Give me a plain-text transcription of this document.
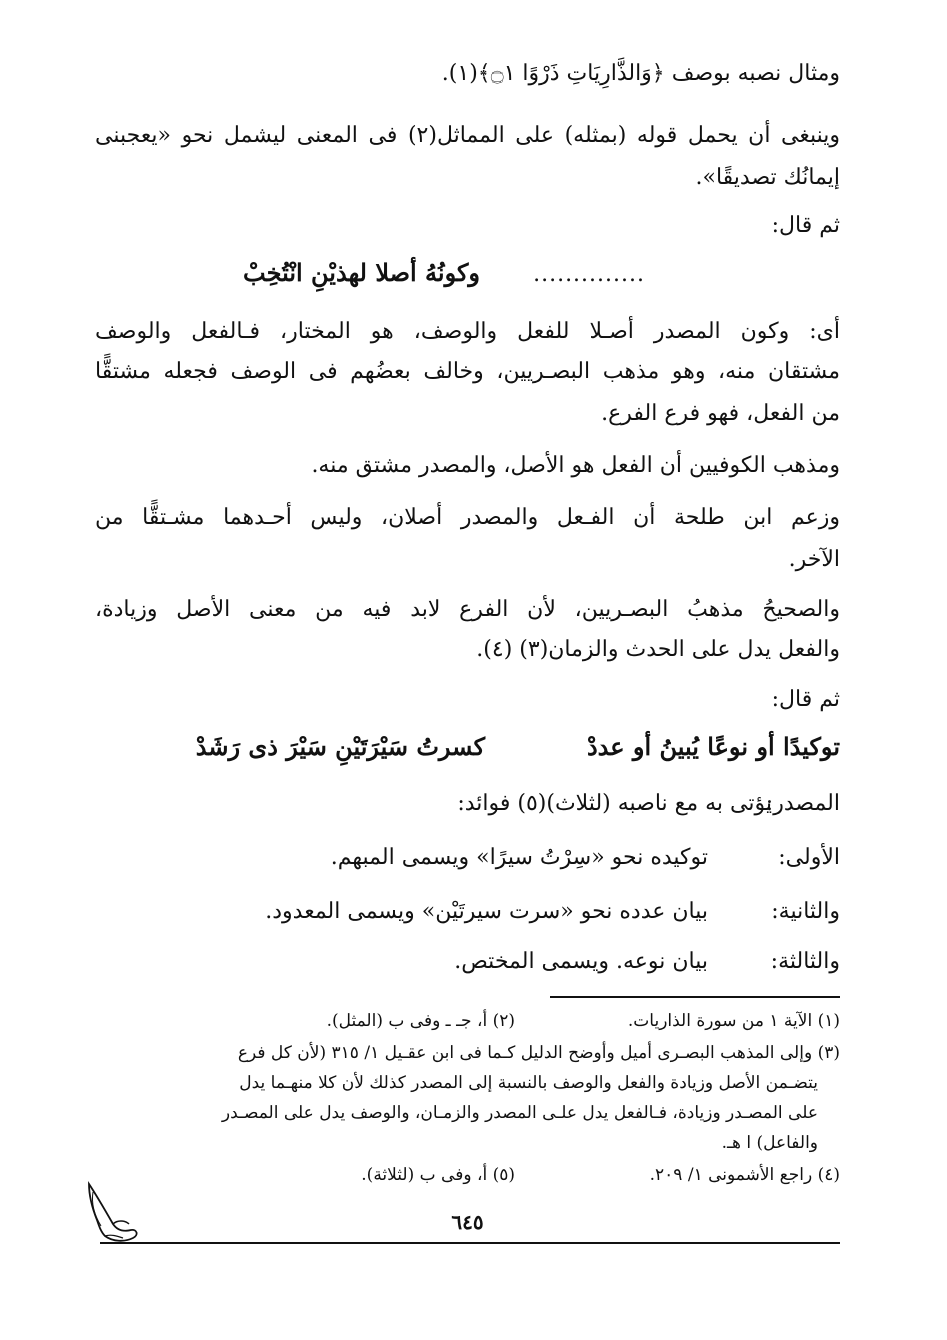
ومثال نصبه بوصف ﴿وَالذَّارِيَاتِ ذَرْوًا ۝١﴾(١).
وينبغى أن يحمل قوله (بمثله) على المماثل(٢) فى المعنى ليشمل نحو «يعجبنى
إيمانُك تصديقًا».
ثم قال:
وكونُهُ أصلا لهذيْنِ انْتُخِبْ ..............
أى: وكون المصدر أصـلا للفعل والوصف، هو المختار، فـالفعل والوصف
مشتقان منه، وهو مذهب البصـريين، وخالف بعضُهم فى الوصف فجعله مشتقًّا
من الفعل، فهو فرع الفرع.
ومذهب الكوفيين أن الفعل هو الأصل، والمصدر مشتق منه.
وزعم ابن طلحة أن الفـعل والمصدر أصلان، وليس أحـدهما مشـتقًّا من
الآخر.
والصحيحُ مذهبُ البصـريين، لأن الفرع لابد فيه من معنى الأصل وزيادة،
والفعل يدل على الحدث والزمان(٣) (٤).
ثم قال:
توكيدًا أو نوعًا يُبينُ أو عددْ
كسرتُ سَيْرَتَيْنِ سَيْرَ ذى رَشَدْ
المصدر:
يؤتى به مع ناصبه (لثلاث)(٥) فوائد:
الأولى:
توكيده نحو «سِرْتُ سيرًا» ويسمى المبهم.
والثانية:
بيان عدده نحو «سرت سيرتَيْن» ويسمى المعدود.
والثالثة:
بيان نوعه. ويسمى المختص.
(١) الآية ١ من سورة الذاريات.
(٢) أ، جـ ـ وفى ب (المثل).
(٣) وإلى المذهب البصـرى أميل وأوضح الدليل كـما فى ابن عقـيل ١/ ٣١٥ (لأن كل فرع
يتضـمن الأصل وزيادة والفعل والوصف بالنسبة إلى المصدر كذلك لأن كلا منهـما يدل
على المصـدر وزيادة، فـالفعل يدل علـى المصدر والزمـان، والوصف يدل على المصـدر
والفاعل) ا هـ.
(٤) راجع الأشمونى ١/ ٢٠٩.
(٥) أ، وفى ب (لثلاثة).
٦٤٥
